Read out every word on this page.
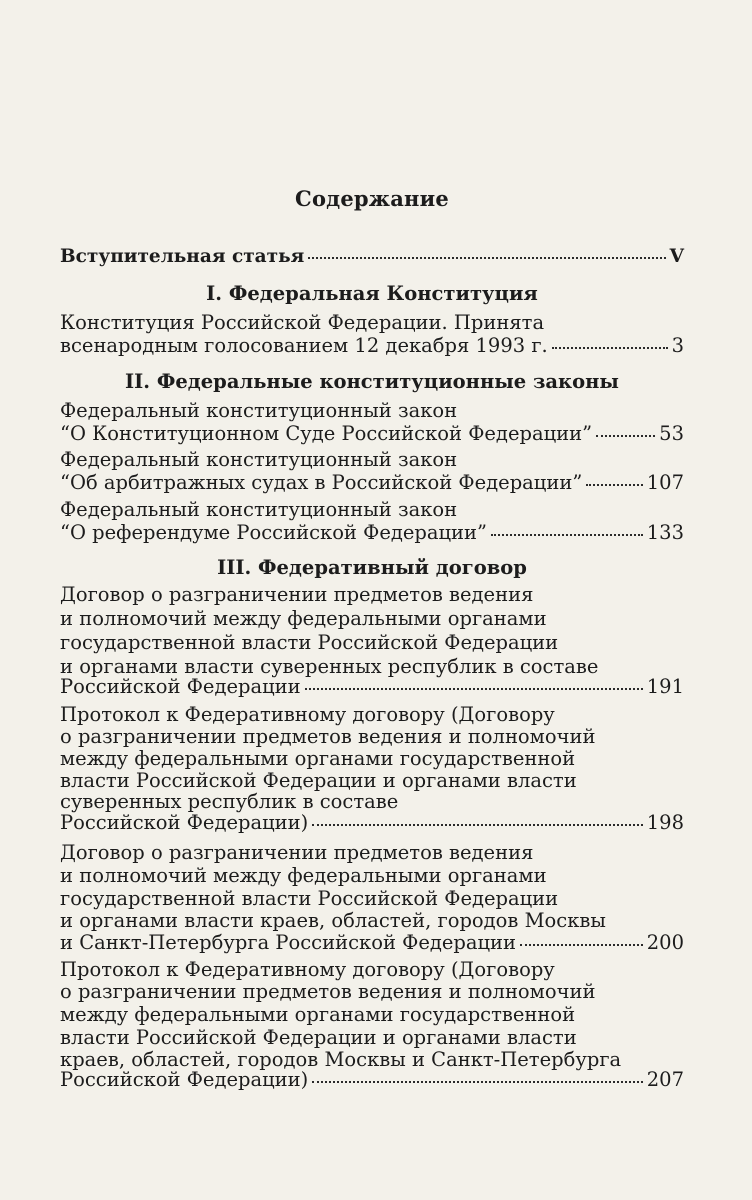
Содержание
Вступительная статья	V
I. Федеральная Конституция
Конституция Российской Федерации. Принята
всенародным голосованием 12 декабря 1993 г.	3
II. Федеральные конституционные законы
Федеральный конституционный закон
“О Конституционном Суде Российской Федерации”	53
Федеральный конституционный закон
“Об арбитражных судах в Российской Федерации”	107
Федеральный конституционный закон
“О референдуме Российской Федерации”	133
III. Федеративный договор
Договор о разграничении предметов ведения
и полномочий между федеральными органами
государственной власти Российской Федерации
и органами власти суверенных республик в составе
Российской Федерации	191
Протокол к Федеративному договору (Договору
о разграничении предметов ведения и полномочий
между федеральными органами государственной
власти Российской Федерации и органами власти
суверенных республик в составе
Российской Федерации)	198
Договор о разграничении предметов ведения
и полномочий между федеральными органами
государственной власти Российской Федерации
и органами власти краев, областей, городов Москвы
и Санкт-Петербурга Российской Федерации	200
Протокол к Федеративному договору (Договору
о разграничении предметов ведения и полномочий
между федеральными органами государственной
власти Российской Федерации и органами власти
краев, областей, городов Москвы и Санкт-Петербурга
Российской Федерации)	207
